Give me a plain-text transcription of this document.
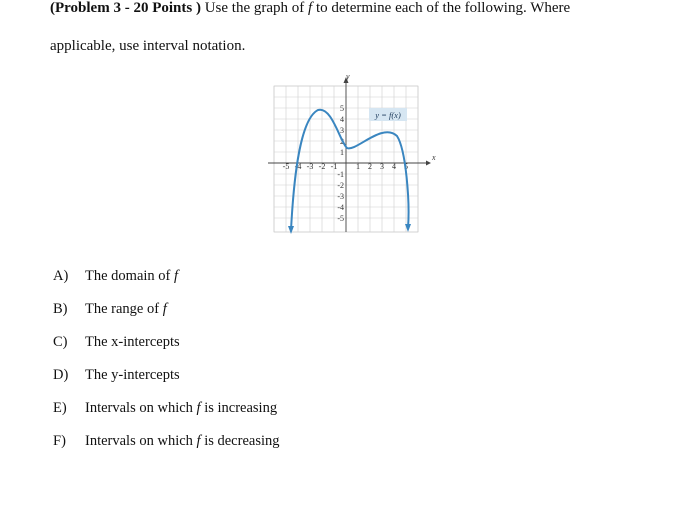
(Problem 3 - 20 Points ) Use the graph of f to determine each of the following. Where
applicable, use interval notation.
x
y
-5 -4 -3 -2 -1 1 2 3 4 5
5
4
3
2
1
-1
-2
-3
-4
-5
y = f(x)
A) The domain of f
B) The range of f
C) The x-intercepts
D) The y-intercepts
E) Intervals on which f is increasing
F) Intervals on which f is decreasing
